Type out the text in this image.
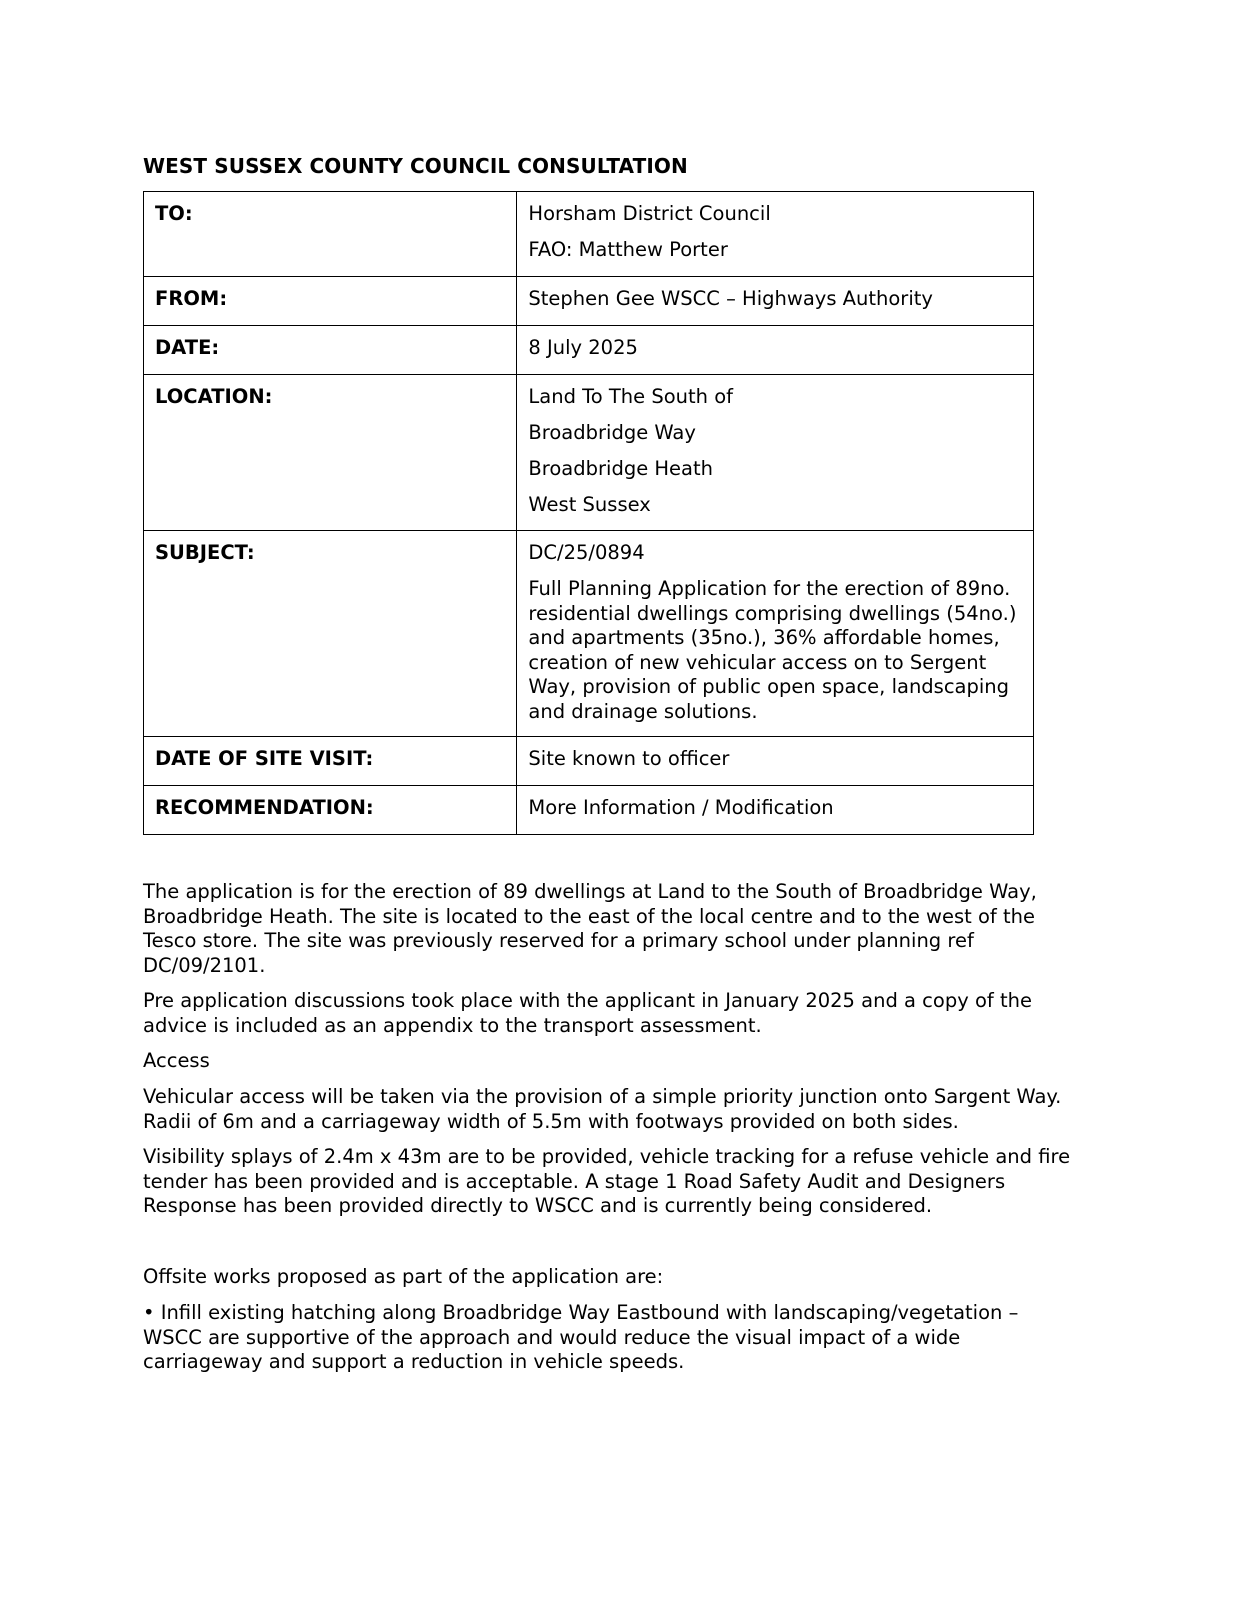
WEST SUSSEX COUNTY COUNCIL CONSULTATION
TO:	Horsham District Council
FAO: Matthew Porter

FROM:	Stephen Gee WSCC – Highways Authority
DATE:	8 July 2025
LOCATION:	Land To The South of
Broadbridge Way
Broadbridge Heath
West Sussex

SUBJECT:	DC/25/0894
Full Planning Application for the erection of 89no. residential dwellings comprising dwellings (54no.) and apartments (35no.), 36% affordable homes, creation of new vehicular access on to Sergent Way, provision of public open space, landscaping and drainage solutions.

DATE OF SITE VISIT:	Site known to officer
RECOMMENDATION:	More Information / Modification

The application is for the erection of 89 dwellings at Land to the South of Broadbridge Way, Broadbridge Heath. The site is located to the east of the local centre and to the west of the Tesco store. The site was previously reserved for a primary school under planning ref DC/09/2101.

Pre application discussions took place with the applicant in January 2025 and a copy of the advice is included as an appendix to the transport assessment.

Access

Vehicular access will be taken via the provision of a simple priority junction onto Sargent Way. Radii of 6m and a carriageway width of 5.5m with footways provided on both sides.

Visibility splays of 2.4m x 43m are to be provided, vehicle tracking for a refuse vehicle and fire tender has been provided and is acceptable. A stage 1 Road Safety Audit and Designers Response has been provided directly to WSCC and is currently being considered.

Offsite works proposed as part of the application are:

• Infill existing hatching along Broadbridge Way Eastbound with landscaping/vegetation – WSCC are supportive of the approach and would reduce the visual impact of a wide carriageway and support a reduction in vehicle speeds.
